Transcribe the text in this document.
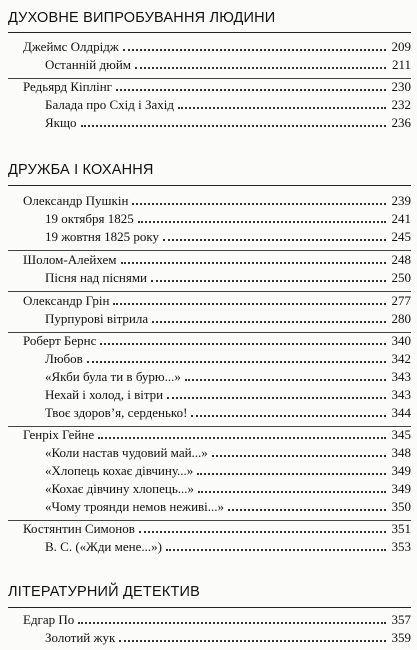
ДУХОВНЕ ВИПРОБУВАННЯ ЛЮДИНИ
Джеймс Олдрідж	209
Останній дюйм	211
Редьярд Кіплінг	230
Балада про Схід і Захід	232
Якщо	236
ДРУЖБА І КОХАННЯ
Олександр Пушкін	239
19 октября 1825	241
19 жовтня 1825 року	245
Шолом-Алейхем	248
Пісня над піснями	250
Олександр Грін	277
Пурпурові вітрила	280
Роберт Бернс	340
Любов	342
«Якби була ти в бурю...»	343
Нехай і холод, і вітри	343
Твоє здоров’я, серденько!	344
Генріх Гейне	345
«Коли настав чудовий май...»	348
«Хлопець кохає дівчину...»	349
«Кохає дівчину хлопець...»	349
«Чому троянди немов неживі...»	350
Костянтин Симонов	351
В. С. («Жди мене...»)	353
ЛІТЕРАТУРНИЙ ДЕТЕКТИВ
Едгар По	357
Золотий жук	359
